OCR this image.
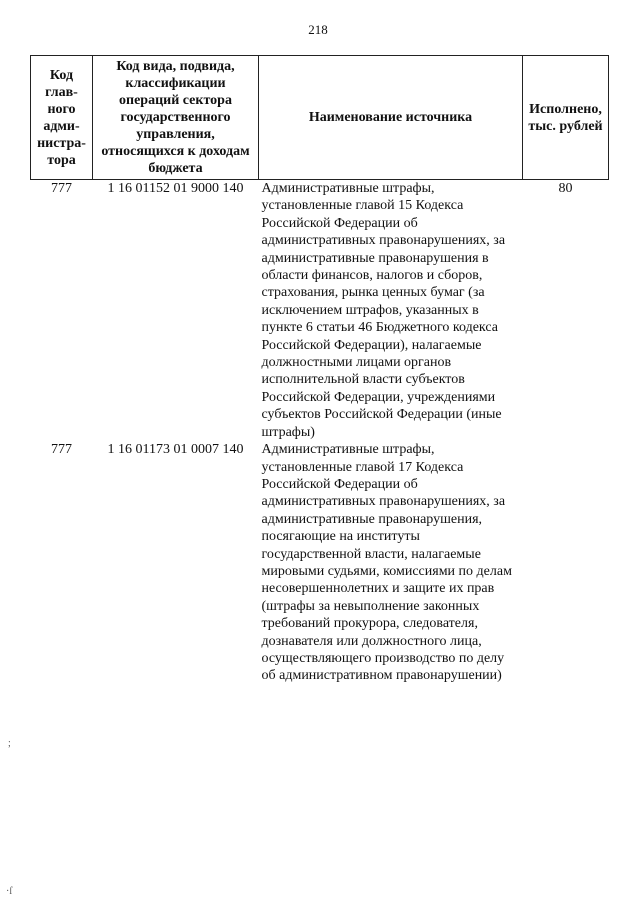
218
Код глав-ного адми-нистра-тора	Код вида, подвида, классификации операций сектора государственного управления, относящихся к доходам бюджета	Наименование источника	Исполнено, тыс. рублей
777	1 16 01152 01 9000 140	Административные штрафы, установленные главой 15 Кодекса Российской Федерации об административных правонарушениях, за административные правонарушения в области финансов, налогов и сборов, страхования, рынка ценных бумаг (за исключением штрафов, указанных в пункте 6 статьи 46 Бюджетного кодекса Российской Федерации), налагаемые должностными лицами органов исполнительной власти субъектов Российской Федерации, учреждениями субъектов Российской Федерации (иные штрафы)	80
777	1 16 01173 01 0007 140	Административные штрафы, установленные главой 17 Кодекса Российской Федерации об административных правонарушениях, за административные правонарушения, посягающие на институты государственной власти, налагаемые мировыми судьями, комиссиями по делам несовершеннолетних и защите их прав (штрафы за невыполнение законных требований прокурора, следователя, дознавателя или должностного лица, осуществляющего производство по делу об административном правонарушении)	
;
·ſ
